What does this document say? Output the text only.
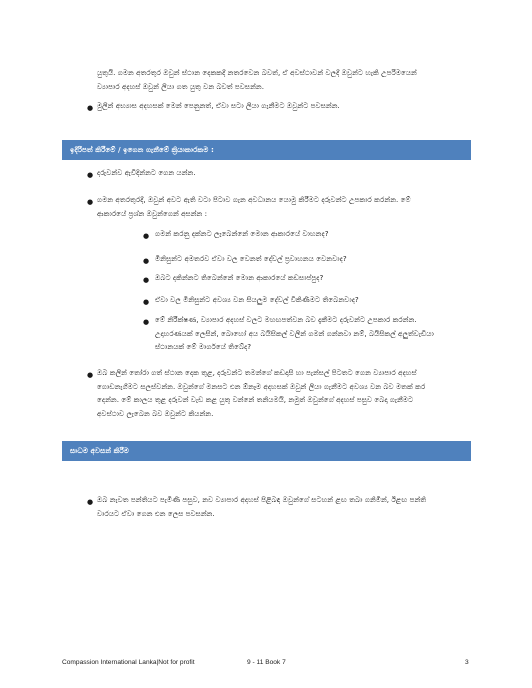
යුතුයි. ගමන අතරතුර ඔවුන් ස්ථාන දෙකකදී නතරවෙන බවත්, ඒ අවස්ථාවන් වලදී ඔවුන්ට හැකි උපරිමයෙන් ව්‍යාපාර අදහස් ඔවුන් ලියා ගත යුතු වන බවත් පවසන්න.
● මුලින් අභ්‍යාස අදහසක් මෙන් පෙනුනත්, ඒවා සටා ලියා ගැනීමට ඔවුන්ට පවසන්න.
ඉදිරිපත් කිරීමේ / ඉගෙන ගැනීමේ ක්‍රියාකාරකම :
● දරුවන්ව ඇවිදින්නට ගෙන යන්න.
● ගමන අතරතුරදී, ඔවුන් අවට ඇති වටා පිටාව ගැන අවධානය යොමු කිරීමට දරුවන්ට උපකාර කරන්න. මේ ආකාරයේ ප්‍රශ්න ඔවුන්ගෙන් අසන්න :
● ගමන් කරනු දක්නට ලැබෙන්නේ මොන ආකාරයේ වාහනද?
● මිනිසුන්ට අමතරව ඒවා වල වෙනත් දේවල් ප්‍රවාහනය වෙනවාද?
● ඔබට දකින්නට තිබෙන්නේ මොන ආකාරයේ කඩසාප්පුද?
● ඒවා වල මිනිසුන්ට අවශ්‍ය වන සියලුම දේවල් විකිණීමට තිබෙනවාද?
● මේ නිරීක්ෂණ, ව්‍යාපාර අදහස් වලට මහඟපත්වන බව දැකීමට දරුවන්ට උපකාර කරන්න. උදාහරණයක් ලෙසින්, බොහෝ අය බයිසිකල් වලින් ගමන් ගන්නවා නම්, බයිසිකල් අලුත්වැඩියා ස්ථානයක් මේ මාර්ගයේ තිබේද?
● ඔබ කලින් තෝරා ගත් ස්ථාන දෙක තුළ, දරුවන්ට තමන්ගේ කඩදාසි හා පැන්සල් පිටතට ගෙන ව්‍යාපාර අදහස් ගොඩනැගීමට සලස්වන්න. ඔවුන්ගේ මනසට එන ඕනෑම අදහසක් ඔවුන් ලියා ගැනීමට අවශ්‍ය වන බව මතක් කර දෙන්න. මේ කාලය තුළ දරුවන් වැඩ කළ යුතු වන්නේ තනියමයි, නමුත් ඔවුන්ගේ අදහස් පසුව බෙදා ගැනීමට අවස්ථාව ලැබෙන බව ඔවුන්ට කියන්න.
සාධම අවසන් කිරීම
● ඔබ නැවත පන්තියට පැමිණි පසුව, නව ව්‍යාපාර අදහස් පිළිබඳ ඔවුන්ගේ සටහන් ළඟ තබා ගනිමින්, ඊළඟ පන්ති වාරයට ඒවා ගෙන එන ලෙස පවසන්න.
Compassion International Lanka|Not for profit	9 - 11 Book 7	3
